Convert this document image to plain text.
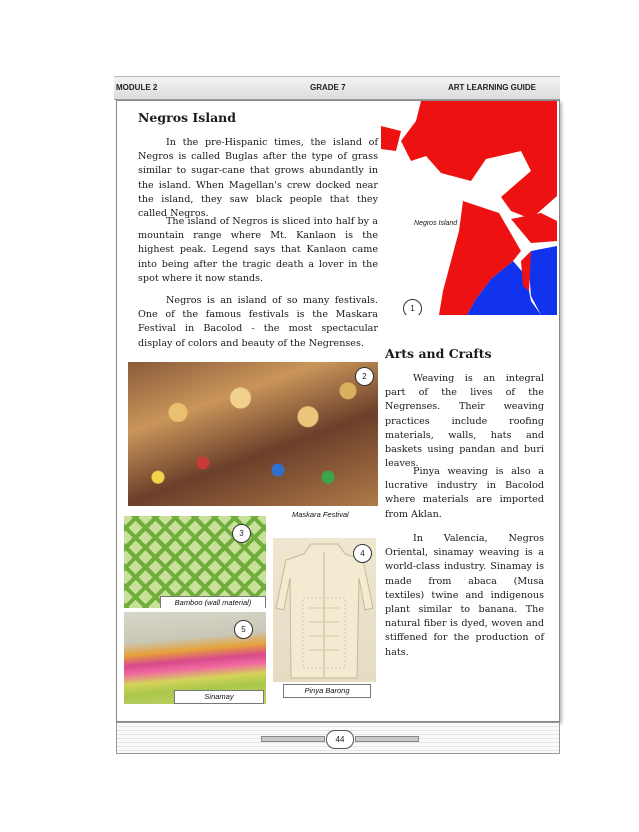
MODULE 2	GRADE 7	ART LEARNING GUIDE
Negros Island
1
Negros Island

In the pre-Hispanic times, the island of Negros is called Buglas after the type of grass similar to sugar-cane that grows abundantly in the island. When Magellan's crew docked near the island, they saw black people that they called Negros.

The island of Negros is sliced into half by a mountain range where Mt. Kanlaon is the highest peak. Legend says that Kanlaon came into being after the tragic death a lover in the spot where it now stands.

Negros is an island of so many festivals. One of the famous festivals is the Maskara Festival in Bacolod - the most spectacular display of colors and beauty of the Negrenses.

Arts and Crafts

Weaving is an integral part of the lives of the Negrenses. Their weaving practices include roofing materials, walls, hats and baskets using pandan and buri leaves.

Pinya weaving is also a lucrative industry in Bacolod where materials are imported from Aklan.

In Valencia, Negros Oriental, sinamay weaving is a world-class industry. Sinamay is made from abaca (Musa textiles) twine and indigenous plant similar to banana. The natural fiber is dyed, woven and stiffened for the production of hats.

2
Maskara Festival
3
Bamboo (wall material)
5
Sinamay
4
Pinya Barong
44
